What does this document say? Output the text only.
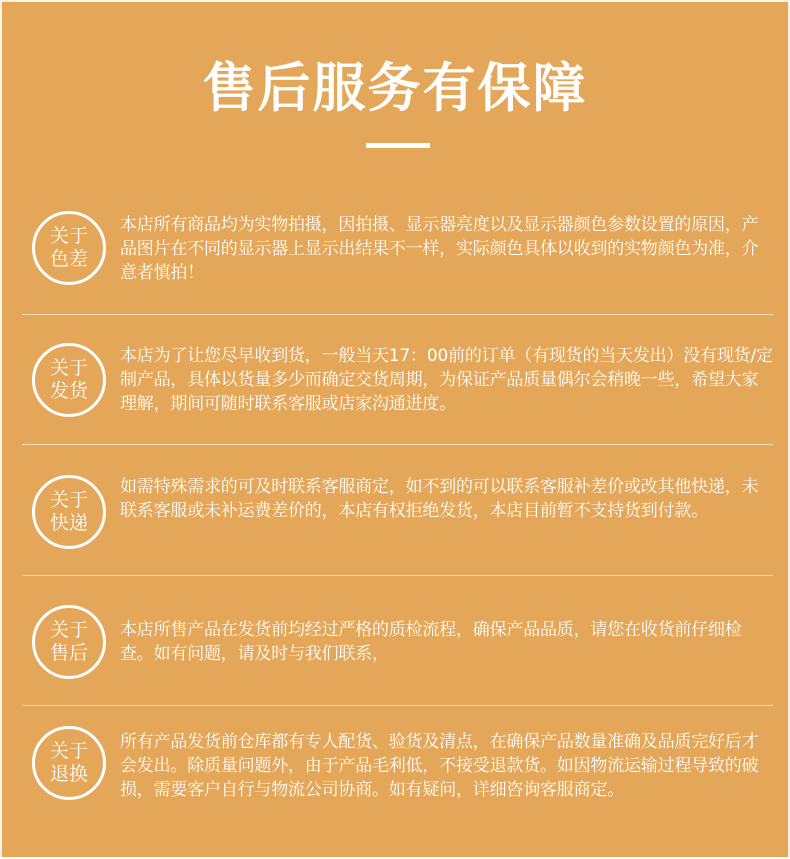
售后服务有保障
关于
色差

本店所有商品均为实物拍摄，因拍摄、显示器亮度以及显示器颜色参数设置的原因，产品图片在不同的显示器上显示出结果不一样，实际颜色具体以收到的实物颜色为准，介意者慎拍！

关于
发货

本店为了让您尽早收到货，一般当天17：00前的订单（有现货的当天发出）没有现货/定制产品，具体以货量多少而确定交货周期，为保证产品质量偶尔会稍晚一些，希望大家理解，期间可随时联系客服或店家沟通进度。

关于
快递

如需特殊需求的可及时联系客服商定，如不到的可以联系客服补差价或改其他快递，未联系客服或未补运费差价的，本店有权拒绝发货，本店目前暂不支持货到付款。

关于
售后

本店所售产品在发货前均经过严格的质检流程，确保产品品质，请您在收货前仔细检查。如有问题，请及时与我们联系，

关于
退换

所有产品发货前仓库都有专人配货、验货及清点，在确保产品数量准确及品质完好后才会发出。除质量问题外，由于产品毛利低，不接受退款货。如因物流运输过程导致的破损，需要客户自行与物流公司协商。如有疑问，详细咨询客服商定。
